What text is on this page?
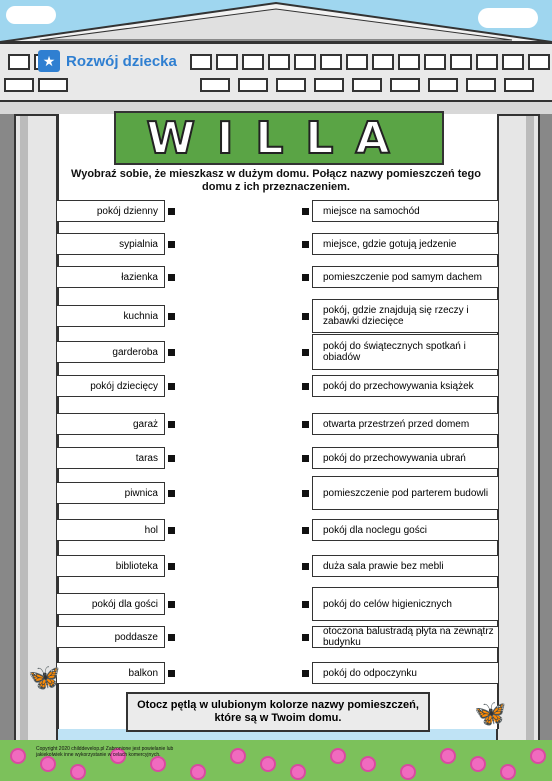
★ Rozwój dziecka
WILLA
Wyobraź sobie, że mieszkasz w dużym domu. Połącz nazwy pomieszczeń tego domu z ich przeznaczeniem.
pokój dzienny
sypialnia
łazienka
kuchnia
garderoba
pokój dziecięcy
garaż
taras
piwnica
hol
biblioteka
pokój dla gości
poddasze
balkon
miejsce na samochód
miejsce, gdzie gotują jedzenie
pomieszczenie pod samym dachem
pokój, gdzie znajdują się rzeczy i zabawki dziecięce
pokój do świątecznych spotkań i obiadów
pokój do przechowywania książek
otwarta przestrzeń przed domem
pokój do przechowywania ubrań
pomieszczenie pod parterem budowli
pokój dla noclegu gości
duża sala prawie bez mebli
pokój do celów higienicznych
otoczona balustradą płyta na zewnątrz budynku
pokój do odpoczynku
Otocz pętlą w ulubionym kolorze nazwy pomieszczeń, które są w Twoim domu.
🦋
🦋
Copyright 2020 childdevelop.pl Zabronione jest powielanie lub jakiekolwiek inne wykorzystanie w celach komercyjnych.
